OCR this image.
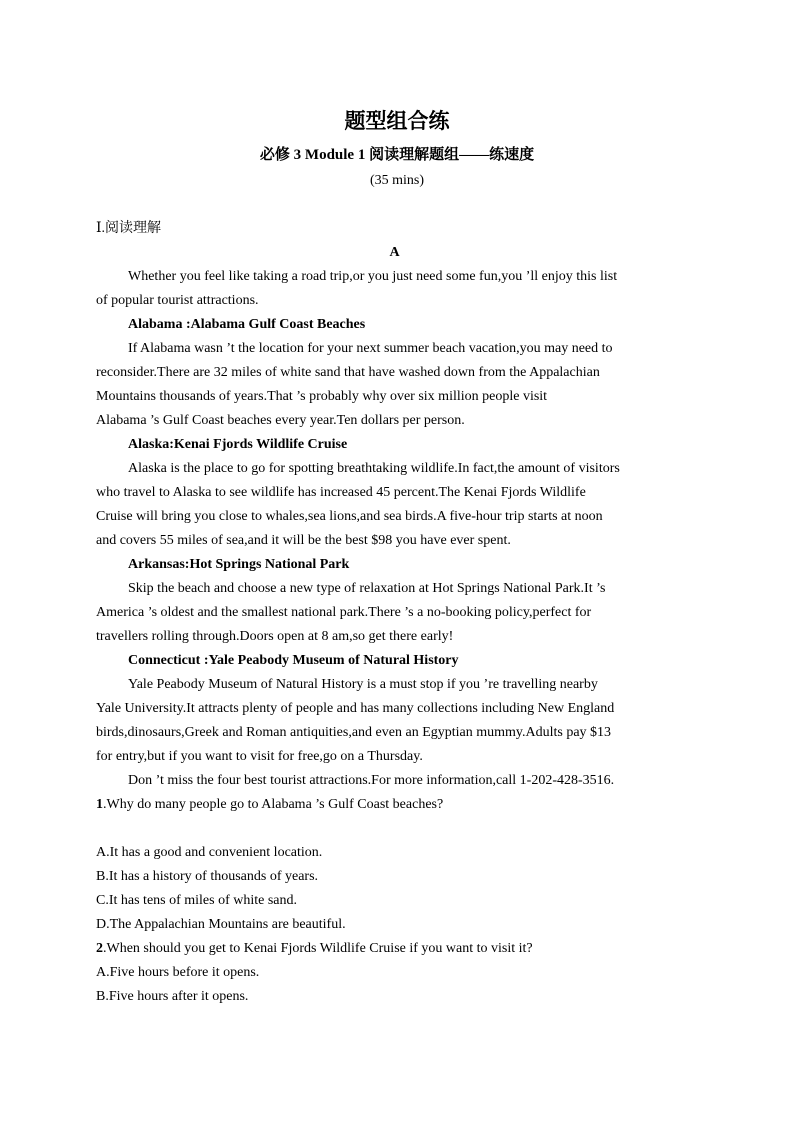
题型组合练
必修 3 Module 1 阅读理解题组——练速度
(35 mins)
Ⅰ.阅读理解
A
Whether you feel like taking a road trip,or you just need some fun,you ’ll enjoy this list
of popular tourist attractions.
Alabama :Alabama Gulf Coast Beaches
If Alabama wasn ’t the location for your next summer beach vacation,you may need to
reconsider.There are 32 miles of white sand that have washed down from the Appalachian
Mountains thousands of years.That ’s probably why over six million people visit
Alabama ’s Gulf Coast beaches every year.Ten dollars per person.
Alaska:Kenai Fjords Wildlife Cruise
Alaska is the place to go for spotting breathtaking wildlife.In fact,the amount of visitors
who travel to Alaska to see wildlife has increased 45 percent.The Kenai Fjords Wildlife
Cruise will bring you close to whales,sea lions,and sea birds.A five-hour trip starts at noon
and covers 55 miles of sea,and it will be the best $98 you have ever spent.
Arkansas:Hot Springs National Park
Skip the beach and choose a new type of relaxation at Hot Springs National Park.It ’s
America ’s oldest and the smallest national park.There ’s a no-booking policy,perfect for
travellers rolling through.Doors open at 8 am,so get there early!
Connecticut :Yale Peabody Museum of Natural History
Yale Peabody Museum of Natural History is a must stop if you ’re travelling nearby
Yale University.It attracts plenty of people and has many collections including New England
birds,dinosaurs,Greek and Roman antiquities,and even an Egyptian mummy.Adults pay $13
for entry,but if you want to visit for free,go on a Thursday.
Don ’t miss the four best tourist attractions.For more information,call 1-202-428-3516.
1.Why do many people go to Alabama ’s Gulf Coast beaches?
A.It has a good and convenient location.
B.It has a history of thousands of years.
C.It has tens of miles of white sand.
D.The Appalachian Mountains are beautiful.
2.When should you get to Kenai Fjords Wildlife Cruise if you want to visit it?
A.Five hours before it opens.
B.Five hours after it opens.
